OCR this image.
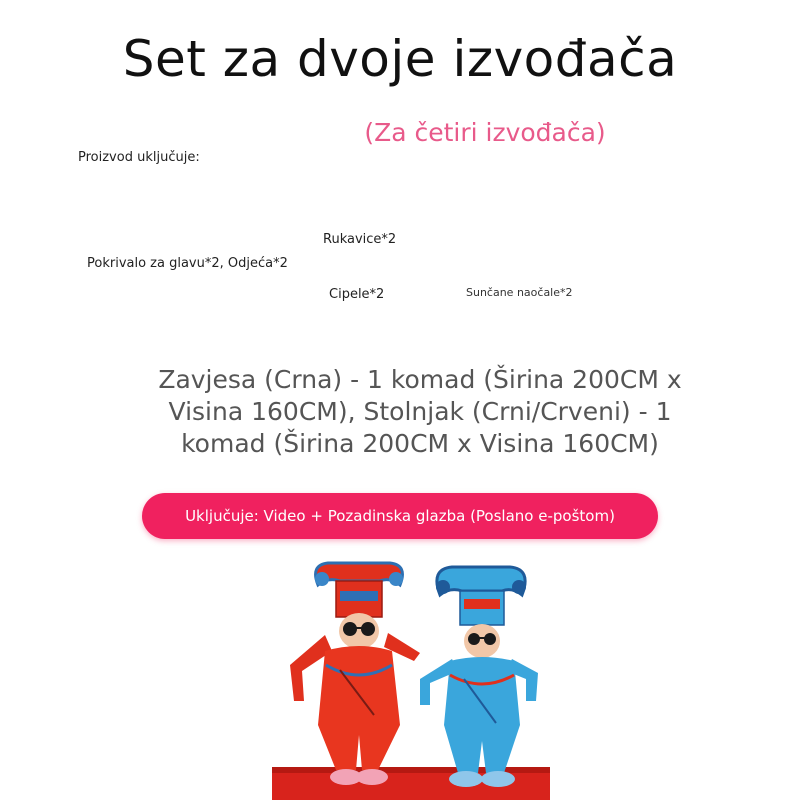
Set za dvoje izvođača
(Za četiri izvođača)
Proizvod uključuje:
Pokrivalo za glavu*2, Odjeća*2
Rukavice*2
Cipele*2	Sunčane naočale*2
Zavjesa (Crna) - 1 komad (Širina 200CM x Visina 160CM), Stolnjak (Crni/Crveni) - 1 komad (Širina 200CM x Visina 160CM)
Uključuje: Video + Pozadinska glazba (Poslano e-poštom)
